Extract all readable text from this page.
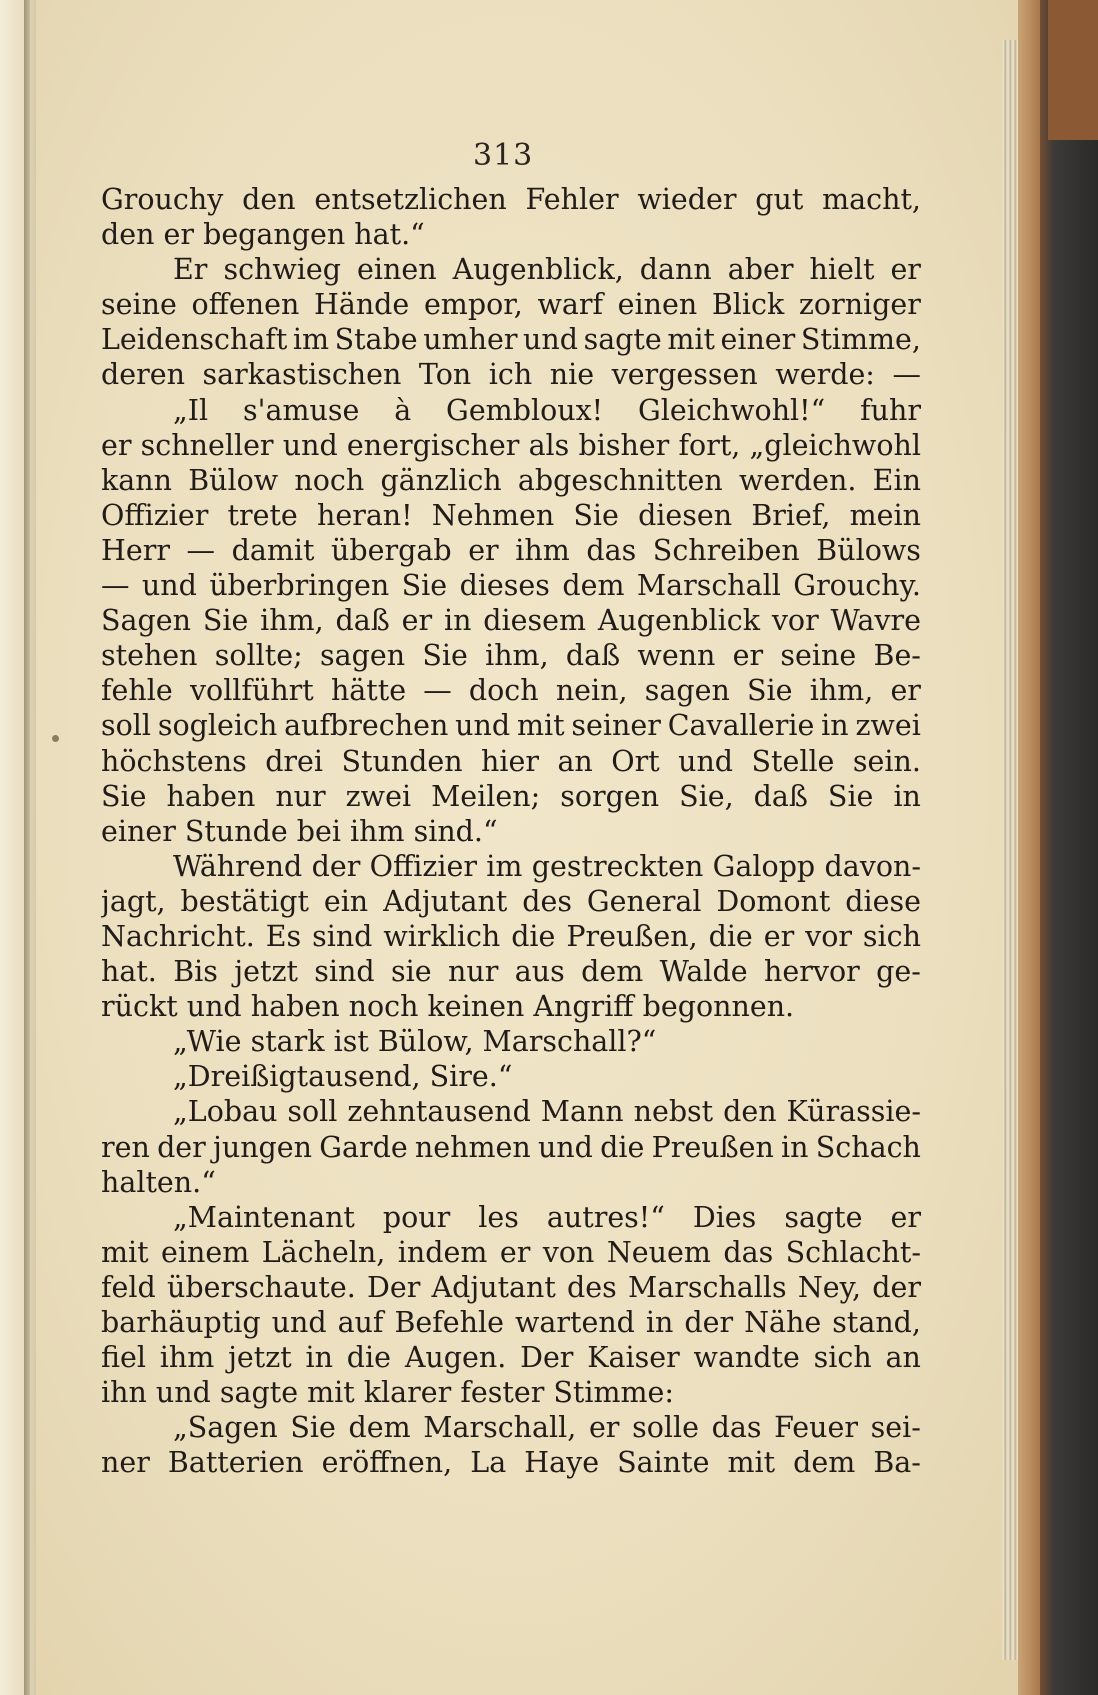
313
Grouchy den entsetzlichen Fehler wieder gut macht,
den er begangen hat.“
Er schwieg einen Augenblick, dann aber hielt er
seine offenen Hände empor, warf einen Blick zorniger
Leidenschaft im Stabe umher und sagte mit einer Stimme,
deren sarkastischen Ton ich nie vergessen werde: —
„Il s'amuse à Gembloux! Gleichwohl!“ fuhr
er schneller und energischer als bisher fort, „gleichwohl
kann Bülow noch gänzlich abgeschnitten werden. Ein
Offizier trete heran! Nehmen Sie diesen Brief, mein
Herr — damit übergab er ihm das Schreiben Bülows
— und überbringen Sie dieses dem Marschall Grouchy.
Sagen Sie ihm, daß er in diesem Augenblick vor Wavre
stehen sollte; sagen Sie ihm, daß wenn er seine Be-
fehle vollführt hätte — doch nein, sagen Sie ihm, er
soll sogleich aufbrechen und mit seiner Cavallerie in zwei
höchstens drei Stunden hier an Ort und Stelle sein.
Sie haben nur zwei Meilen; sorgen Sie, daß Sie in
einer Stunde bei ihm sind.“
Während der Offizier im gestreckten Galopp davon-
jagt, bestätigt ein Adjutant des General Domont diese
Nachricht. Es sind wirklich die Preußen, die er vor sich
hat. Bis jetzt sind sie nur aus dem Walde hervor ge-
rückt und haben noch keinen Angriff begonnen.
„Wie stark ist Bülow, Marschall?“
„Dreißigtausend, Sire.“
„Lobau soll zehntausend Mann nebst den Kürassie-
ren der jungen Garde nehmen und die Preußen in Schach
halten.“
„Maintenant pour les autres!“ Dies sagte er
mit einem Lächeln, indem er von Neuem das Schlacht-
feld überschaute. Der Adjutant des Marschalls Ney, der
barhäuptig und auf Befehle wartend in der Nähe stand,
fiel ihm jetzt in die Augen. Der Kaiser wandte sich an
ihn und sagte mit klarer fester Stimme:
„Sagen Sie dem Marschall, er solle das Feuer sei-
ner Batterien eröffnen, La Haye Sainte mit dem Ba-
